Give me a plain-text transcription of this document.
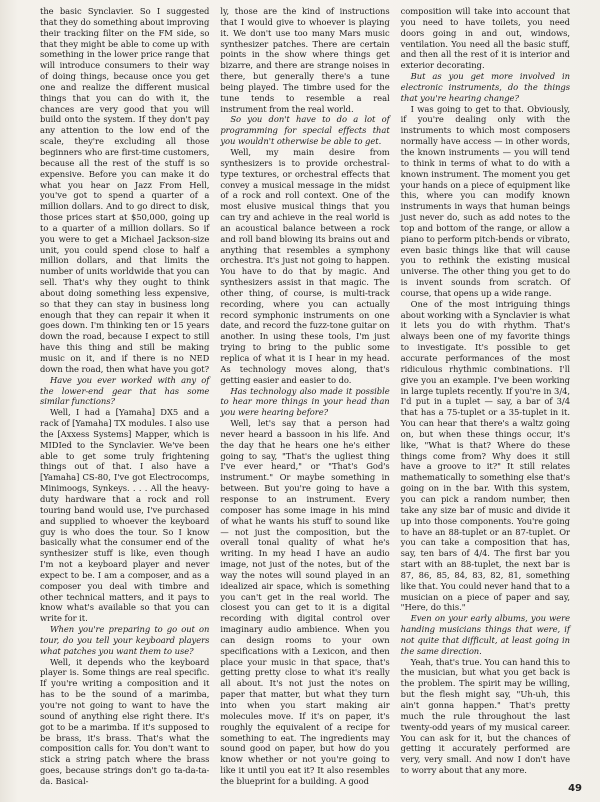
the basic Synclavier. So I suggested that they do something about improving their tracking filter on the FM side, so that they might be able to come up with something in the lower price range that will introduce consumers to their way of doing things, because once you get one and realize the different musical things that you can do with it, the chances are very good that you will build onto the system. If they don't pay any attention to the low end of the scale, they're excluding all those beginners who are first-time customers, because all the rest of the stuff is so expensive. Before you can make it do what you hear on Jazz From Hell, you've got to spend a quarter of a million dollars. And to go direct to disk, those prices start at $50,000, going up to a quarter of a million dollars. So if you were to get a Michael Jackson-size unit, you could spend close to half a million dollars, and that limits the number of units worldwide that you can sell. That's why they ought to think about doing something less expensive, so that they can stay in business long enough that they can repair it when it goes down. I'm thinking ten or 15 years down the road, because I expect to still have this thing and still be making music on it, and if there is no NED down the road, then what have you got?

Have you ever worked with any of the lower-end gear that has some similar functions?

Well, I had a [Yamaha] DX5 and a rack of [Yamaha] TX modules. I also use the [Axxess Systems] Mapper, which is MIDIed to the Synclavier. We've been able to get some truly frightening things out of that. I also have a [Yamaha] CS-80, I've got Electrocomps, Minimoogs, Synkeys. . . . All the heavy-duty hardware that a rock and roll touring band would use, I've purchased and supplied to whoever the keyboard guy is who does the tour. So I know basically what the consumer end of the synthesizer stuff is like, even though I'm not a keyboard player and never expect to be. I am a composer, and as a composer you deal with timbre and other technical matters, and it pays to know what's available so that you can write for it.

When you're preparing to go out on tour, do you tell your keyboard players what patches you want them to use?

Well, it depends who the keyboard player is. Some things are real specific. If you're writing a composition and it has to be the sound of a marimba, you're not going to want to have the sound of anything else right there. It's got to be a marimba. If it's supposed to be brass, it's brass. That's what the composition calls for. You don't want to stick a string patch where the brass goes, because strings don't go ta-da-ta-da. Basical-

ly, those are the kind of instructions that I would give to whoever is playing it. We don't use too many Mars music synthesizer patches. There are certain points in the show where things get bizarre, and there are strange noises in there, but generally there's a tune being played. The timbre used for the tune tends to resemble a real instrument from the real world.

So you don't have to do a lot of programming for special effects that you wouldn't otherwise be able to get.

Well, my main desire from synthesizers is to provide orchestral-type textures, or orchestral effects that convey a musical message in the midst of a rock and roll context. One of the most elusive musical things that you can try and achieve in the real world is an acoustical balance between a rock and roll band blowing its brains out and anything that resembles a symphony orchestra. It's just not going to happen. You have to do that by magic. And synthesizers assist in that magic. The other thing, of course, is multi-track recording, where you can actually record symphonic instruments on one date, and record the fuzz-tone guitar on another. In using these tools, I'm just trying to bring to the public some replica of what it is I hear in my head. As technology moves along, that's getting easier and easier to do.

Has technology also made it possible to hear more things in your head than you were hearing before?

Well, let's say that a person had never heard a bassoon in his life. And the day that he hears one he's either going to say, "That's the ugliest thing I've ever heard," or "That's God's instrument." Or maybe something in between. But you're going to have a response to an instrument. Every composer has some image in his mind of what he wants his stuff to sound like — not just the composition, but the overall tonal quality of what he's writing. In my head I have an audio image, not just of the notes, but of the way the notes will sound played in an idealized air space, which is something you can't get in the real world. The closest you can get to it is a digital recording with digital control over imaginary audio ambience. When you can design rooms to your own specifications with a Lexicon, and then place your music in that space, that's getting pretty close to what it's really all about. It's not just the notes on paper that matter, but what they turn into when you start making air molecules move. If it's on paper, it's roughly the equivalent of a recipe for something to eat. The ingredients may sound good on paper, but how do you know whether or not you're going to like it until you eat it? It also resembles the blueprint for a building. A good

composition will take into account that you need to have toilets, you need doors going in and out, windows, ventilation. You need all the basic stuff, and then all the rest of it is interior and exterior decorating.

But as you get more involved in electronic instruments, do the things that you're hearing change?

I was going to get to that. Obviously, if you're dealing only with the instruments to which most composers normally have access — in other words, the known instruments — you will tend to think in terms of what to do with a known instrument. The moment you get your hands on a piece of equipment like this, where you can modify known instruments in ways that human beings just never do, such as add notes to the top and bottom of the range, or allow a piano to perform pitch-bends or vibrato, even basic things like that will cause you to rethink the existing musical universe. The other thing you get to do is invent sounds from scratch. Of course, that opens up a wide range.

One of the most intriguing things about working with a Synclavier is what it lets you do with rhythm. That's always been one of my favorite things to investigate. It's possible to get accurate performances of the most ridiculous rhythmic combinations. I'll give you an example. I've been working in large tuplets recently. If you're in 3/4, I'd put in a tuplet — say, a bar of 3/4 that has a 75-tuplet or a 35-tuplet in it. You can hear that there's a waltz going on, but when these things occur, it's like, "What is that? Where do these things come from? Why does it still have a groove to it?" It still relates mathematically to something else that's going on in the bar. With this system, you can pick a random number, then take any size bar of music and divide it up into those components. You're going to have an 88-tuplet or an 87-tuplet. Or you can take a composition that has, say, ten bars of 4/4. The first bar you start with an 88-tuplet, the next bar is 87, 86, 85, 84, 83, 82, 81, something like that. You could never hand that to a musician on a piece of paper and say, "Here, do this."

Even on your early albums, you were handing musicians things that were, if not quite that difficult, at least going in the same direction.

Yeah, that's true. You can hand this to the musician, but what you get back is the problem. The spirit may be willing, but the flesh might say, "Uh-uh, this ain't gonna happen." That's pretty much the rule throughout the last twenty-odd years of my musical career. You can ask for it, but the chances of getting it accurately performed are very, very small. And now I don't have to worry about that any more.

49
